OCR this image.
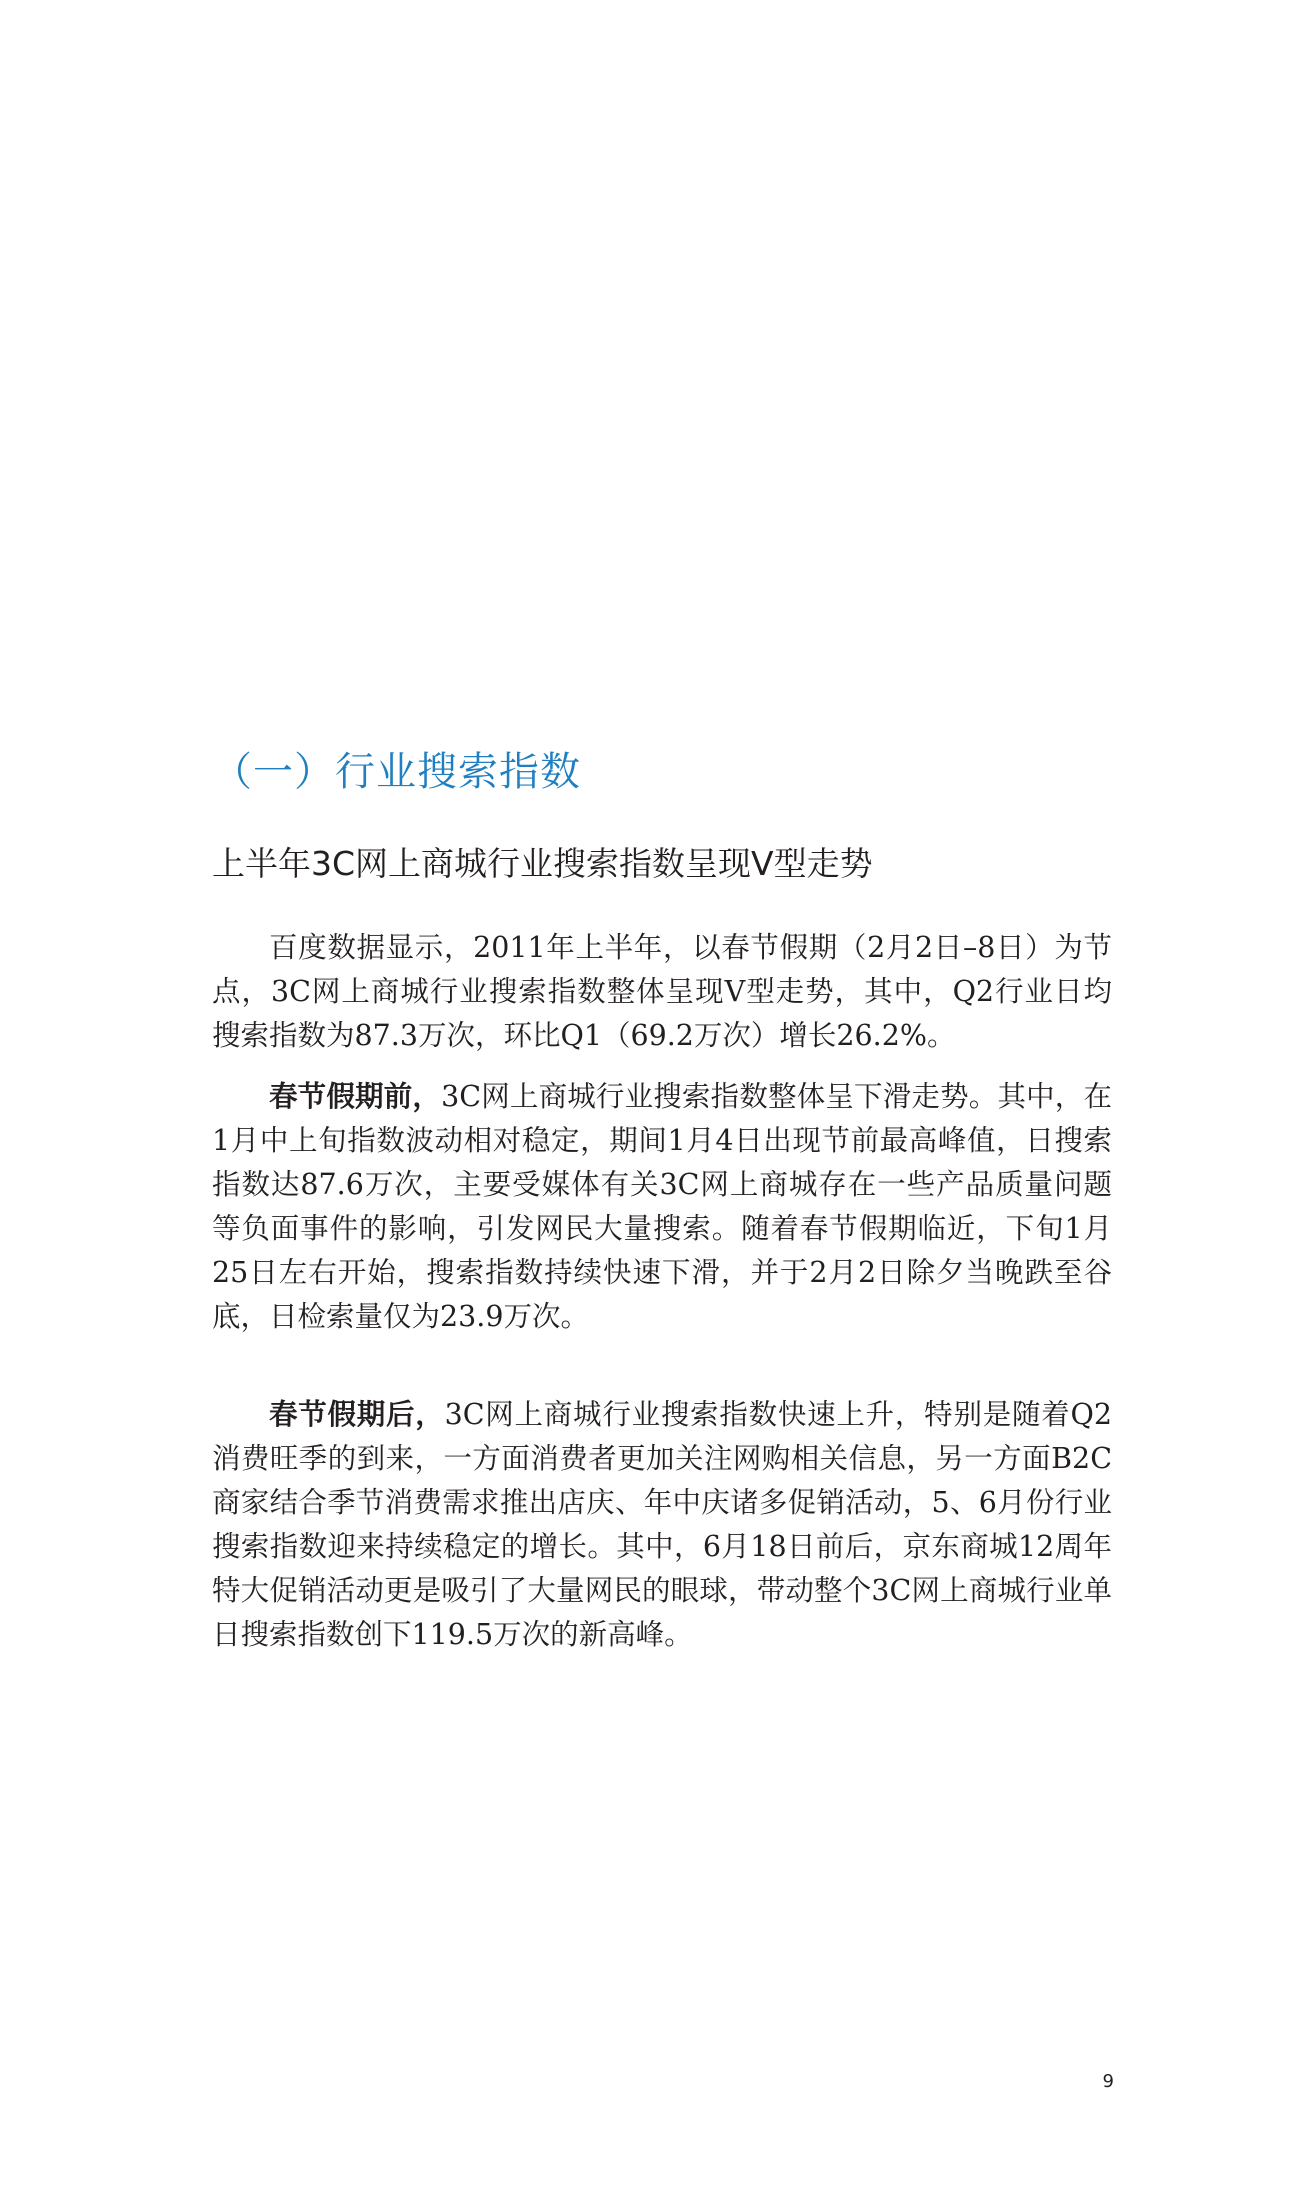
（一）行业搜索指数
上半年3C网上商城行业搜索指数呈现V型走势

百度数据显示，2011年上半年，以春节假期（2月2日–8日）为节点，3C网上商城行业搜索指数整体呈现V型走势，其中，Q2行业日均搜索指数为87.3万次，环比Q1（69.2万次）增长26.2%。

春节假期前，3C网上商城行业搜索指数整体呈下滑走势。其中，在1月中上旬指数波动相对稳定，期间1月4日出现节前最高峰值，日搜索指数达87.6万次，主要受媒体有关3C网上商城存在一些产品质量问题等负面事件的影响，引发网民大量搜索。随着春节假期临近，下旬1月25日左右开始，搜索指数持续快速下滑，并于2月2日除夕当晚跌至谷底，日检索量仅为23.9万次。

春节假期后，3C网上商城行业搜索指数快速上升，特别是随着Q2消费旺季的到来，一方面消费者更加关注网购相关信息，另一方面B2C商家结合季节消费需求推出店庆、年中庆诸多促销活动，5、6月份行业搜索指数迎来持续稳定的增长。其中，6月18日前后，京东商城12周年特大促销活动更是吸引了大量网民的眼球，带动整个3C网上商城行业单日搜索指数创下119.5万次的新高峰。

9
